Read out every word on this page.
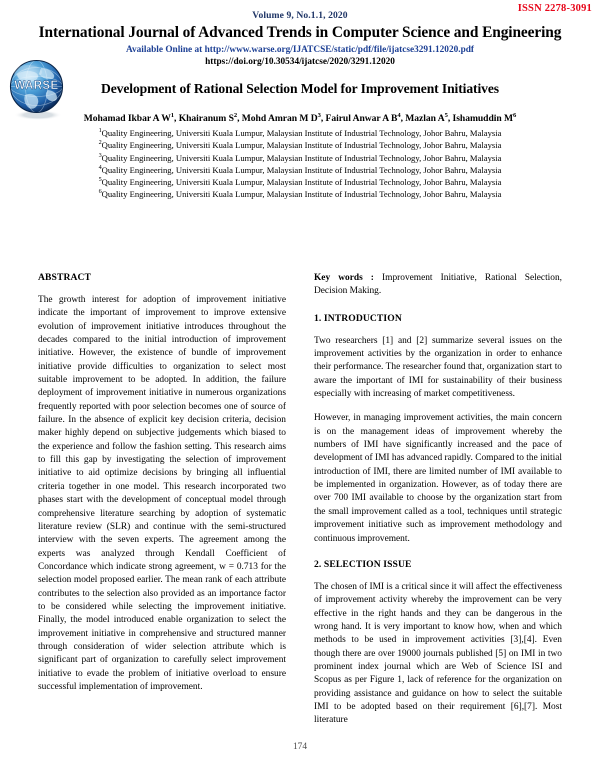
ISSN 2278-3091
Volume 9, No.1.1, 2020
International Journal of Advanced Trends in Computer Science and Engineering
Available Online at http://www.warse.org/IJATCSE/static/pdf/file/ijatcse3291.12020.pdf
https://doi.org/10.30534/ijatcse/2020/3291.12020
WARSE	Development of Rational Selection Model for Improvement Initiatives
Mohamad Ikbar A $W^1$, Khairanum $S^2$, Mohd Amran M $D^3$, Fairul Anwar A $B^4$, Mazlan $A^5$, Ishamuddin $M^6$
$^1$Quality Engineering, Universiti Kuala Lumpur, Malaysian Institute of Industrial Technology, Johor Bahru, Malaysia
$^2$Quality Engineering, Universiti Kuala Lumpur, Malaysian Institute of Industrial Technology, Johor Bahru, Malaysia
$^3$Quality Engineering, Universiti Kuala Lumpur, Malaysian Institute of Industrial Technology, Johor Bahru, Malaysia
$^4$Quality Engineering, Universiti Kuala Lumpur, Malaysian Institute of Industrial Technology, Johor Bahru, Malaysia
$^5$Quality Engineering, Universiti Kuala Lumpur, Malaysian Institute of Industrial Technology, Johor Bahru, Malaysia
$^6$Quality Engineering, Universiti Kuala Lumpur, Malaysian Institute of Industrial Technology, Johor Bahru, Malaysia
ABSTRACT
The growth interest for adoption of improvement initiative indicate the important of improvement to improve extensive evolution of improvement initiative introduces throughout the decades compared to the initial introduction of improvement initiative. However, the existence of bundle of improvement initiative provide difficulties to organization to select most suitable improvement to be adopted. In addition, the failure deployment of improvement initiative in numerous organizations frequently reported with poor selection becomes one of source of failure. In the absence of explicit key decision criteria, decision maker highly depend on subjective judgements which biased to the experience and follow the fashion setting. This research aims to fill this gap by investigating the selection of improvement initiative to aid optimize decisions by bringing all influential criteria together in one model. This research incorporated two phases start with the development of conceptual model through comprehensive literature searching by adoption of systematic literature review (SLR) and continue with the semi-structured interview with the seven experts. The agreement among the experts was analyzed through Kendall Coefficient of Concordance which indicate strong agreement, w = 0.713 for the selection model proposed earlier. The mean rank of each attribute contributes to the selection also provided as an importance factor to be considered while selecting the improvement initiative. Finally, the model introduced enable organization to select the improvement initiative in comprehensive and structured manner through consideration of wider selection attribute which is significant part of organization to carefully select improvement initiative to evade the problem of initiative overload to ensure successful implementation of improvement.
Key words : Improvement Initiative, Rational Selection, Decision Making.
1. INTRODUCTION
Two researchers [1] and [2] summarize several issues on the improvement activities by the organization in order to enhance their performance. The researcher found that, organization start to aware the important of IMI for sustainability of their business especially with increasing of market competitiveness.
However, in managing improvement activities, the main concern is on the management ideas of improvement whereby the numbers of IMI have significantly increased and the pace of development of IMI has advanced rapidly. Compared to the initial introduction of IMI, there are limited number of IMI available to be implemented in organization. However, as of today there are over 700 IMI available to choose by the organization start from the small improvement called as a tool, techniques until strategic improvement initiative such as improvement methodology and continuous improvement.
2. SELECTION ISSUE
The chosen of IMI is a critical since it will affect the effectiveness of improvement activity whereby the improvement can be very effective in the right hands and they can be dangerous in the wrong hand. It is very important to know how, when and which methods to be used in improvement activities [3],[4]. Even though there are over 19000 journals published [5] on IMI in two prominent index journal which are Web of Science ISI and Scopus as per Figure 1, lack of reference for the organization on providing assistance and guidance on how to select the suitable IMI to be adopted based on their requirement [6],[7]. Most literature
174
